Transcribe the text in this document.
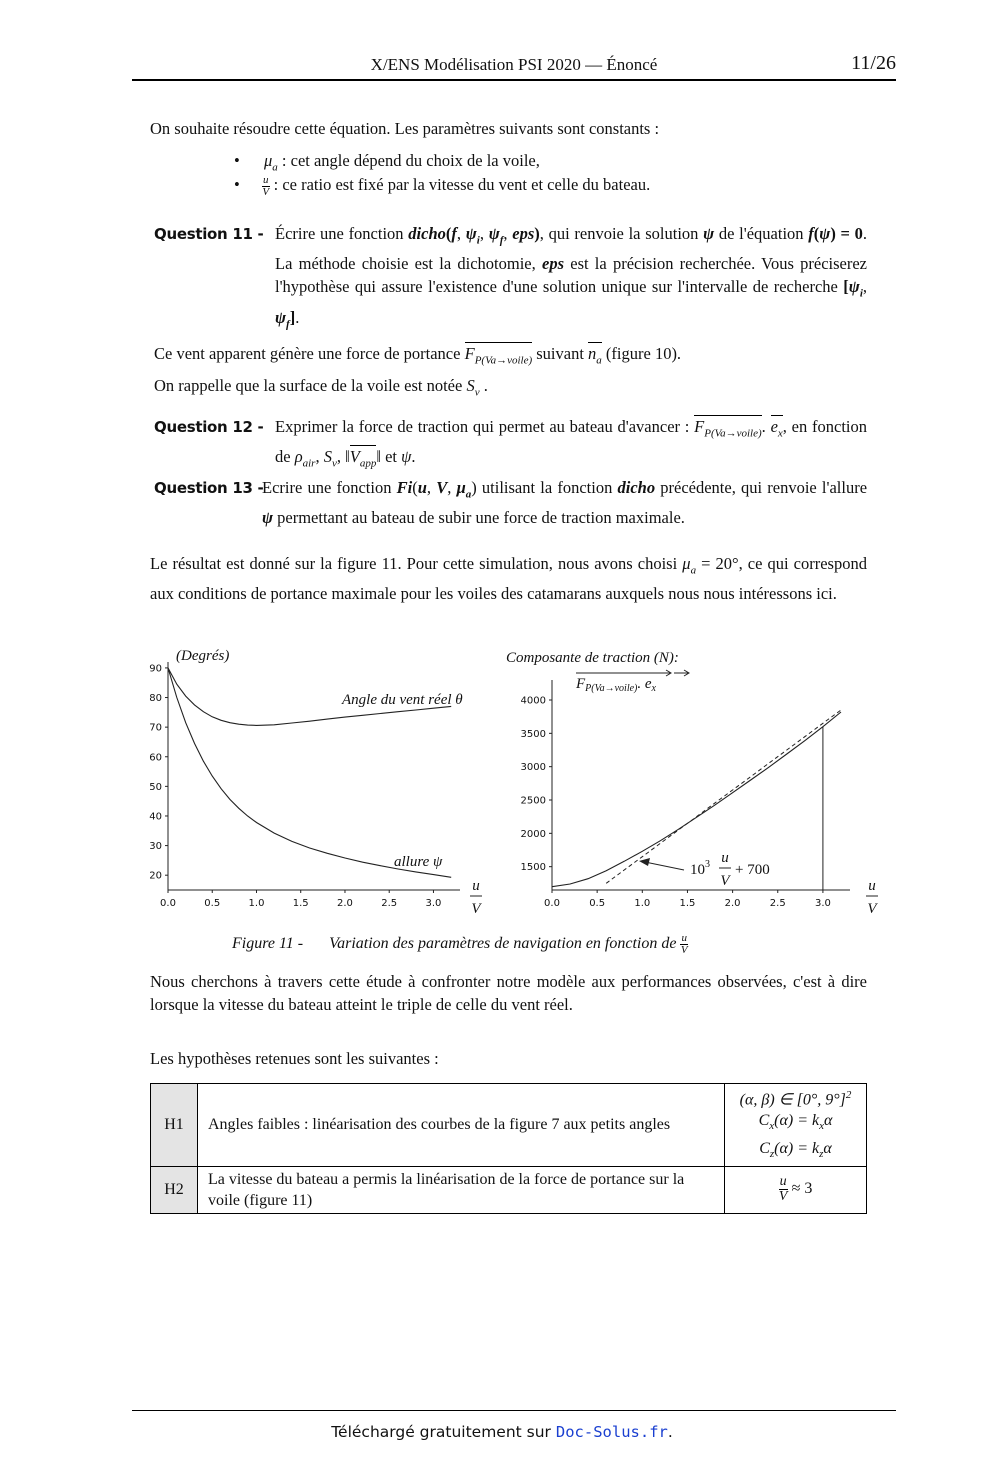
X/ENS Modélisation PSI 2020 — Énoncé	11/26
On souhaite résoudre cette équation. Les paramètres suivants sont constants :
• $\mu_a$ : cet angle dépend du choix de la voile,
• $\frac{u}{V}$ : ce ratio est fixé par la vitesse du vent et celle du bateau.
Question 11 - Écrire une fonction dicho(f, $\psi_i$, $\psi_f$, eps), qui renvoie la solution ψ de l'équation f(ψ) = 0. La méthode choisie est la dichotomie, eps est la précision recherchée. Vous préciserez l'hypothèse qui assure l'existence d'une solution unique sur l'intervalle de recherche [$\psi_i$, $\psi_f$].
Ce vent apparent génère une force de portance $F_{P(Va\to voile)}$ suivant $n_a$ (figure 10).
On rappelle que la surface de la voile est notée $S_v$ .
Question 12 - Exprimer la force de traction qui permet au bateau d'avancer : $F_{P(Va\to voile)}$. $e_x$, en fonction de $\rho_{air}$, $S_v$, $‖V_{app}‖$ et ψ.
Question 13 -
Ecrire une fonction Fi(u, V, $\mu_a$) utilisant la fonction dicho précédente, qui renvoie l'allure ψ permettant au bateau de subir une force de traction maximale.
Le résultat est donné sur la figure 11. Pour cette simulation, nous avons choisi $\mu_a = 20^\circ$, ce qui correspond aux conditions de portance maximale pour les voiles des catamarans auxquels nous nous intéressons ici.
20
30
40
50
60
70
80
90
0.0	0.5	1.0	1.5	2.0	2.5	3.0
(Degrés)
Angle du vent réel θ
allure ψ
u
V
1500
2000
2500
3000
3500
4000
0.0	0.5	1.0	1.5	2.0	2.5	3.0
Composante de traction (N):
$F_{P(Va\to voile)}$. $e_x$
$10^3$ u
V
+ 700
u
V
Figure 11 - Variation des paramètres de navigation en fonction de $\frac{u}{V}$
Nous cherchons à travers cette étude à confronter notre modèle aux performances observées, c'est à dire lorsque la vitesse du bateau atteint le triple de celle du vent réel.
Les hypothèses retenues sont les suivantes :
H1	Angles faibles : linéarisation des courbes de la figure 7 aux petits angles	(α, β) ∈ [0°, 9°]$^2$
$C_x(\alpha) = k_x\alpha$
$C_z(\alpha) = k_z\alpha$

H2	La vitesse du bateau a permis la linéarisation de la force de portance sur la voile (figure 11)	$\frac{u}{V} \approx 3$
Téléchargé gratuitement sur Doc-Solus.fr.
